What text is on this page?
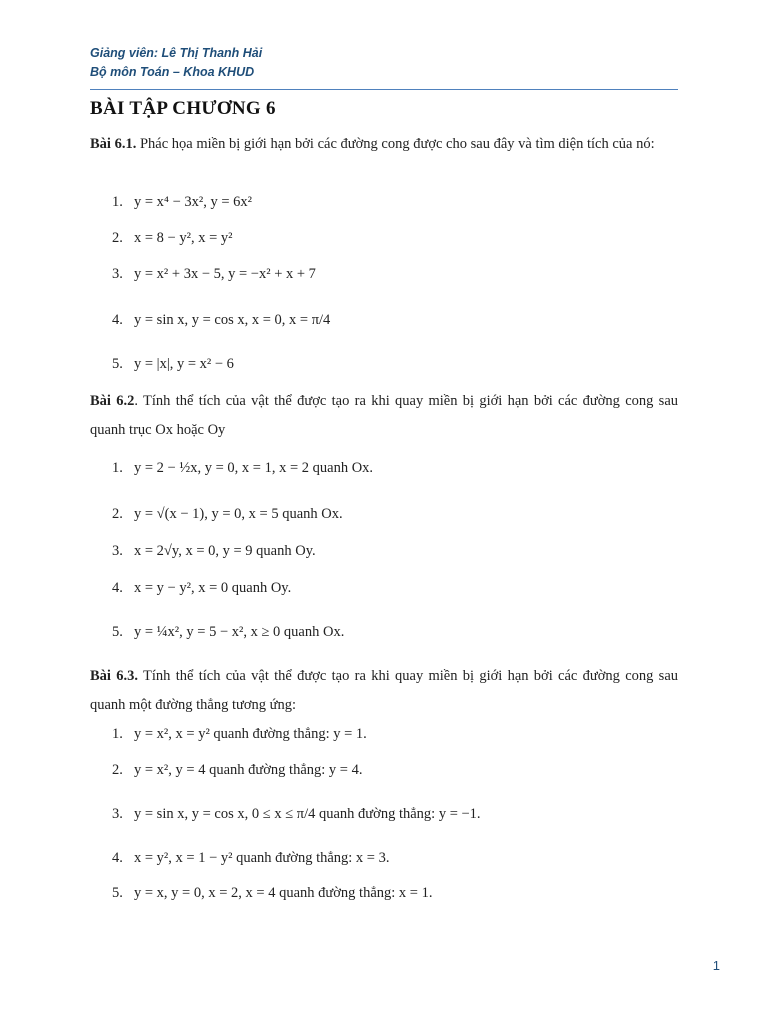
Giảng viên: Lê Thị Thanh Hải
Bộ môn Toán – Khoa KHUD
BÀI TẬP CHƯƠNG 6
Bài 6.1. Phác họa miền bị giới hạn bởi các đường cong được cho sau đây và tìm diện tích của nó:
1. y = x⁴ − 3x², y = 6x²
2. x = 8 − y², x = y²
3. y = x² + 3x − 5, y = −x² + x + 7
4. y = sin x, y = cos x, x = 0, x = π/4
5. y = |x|, y = x² − 6
Bài 6.2. Tính thể tích của vật thể được tạo ra khi quay miền bị giới hạn bởi các đường cong sau quanh trục Ox hoặc Oy
1. y = 2 − ½x, y = 0, x = 1, x = 2 quanh Ox.
2. y = √(x − 1), y = 0, x = 5 quanh Ox.
3. x = 2√y, x = 0, y = 9 quanh Oy.
4. x = y − y², x = 0 quanh Oy.
5. y = ¼x², y = 5 − x², x ≥ 0 quanh Ox.
Bài 6.3. Tính thể tích của vật thể được tạo ra khi quay miền bị giới hạn bởi các đường cong sau quanh một đường thẳng tương ứng:
1. y = x², x = y² quanh đường thẳng: y = 1.
2. y = x², y = 4 quanh đường thẳng: y = 4.
3. y = sin x, y = cos x, 0 ≤ x ≤ π/4 quanh đường thẳng: y = −1.
4. x = y², x = 1 − y² quanh đường thẳng: x = 3.
5. y = x, y = 0, x = 2, x = 4 quanh đường thẳng: x = 1.
1
